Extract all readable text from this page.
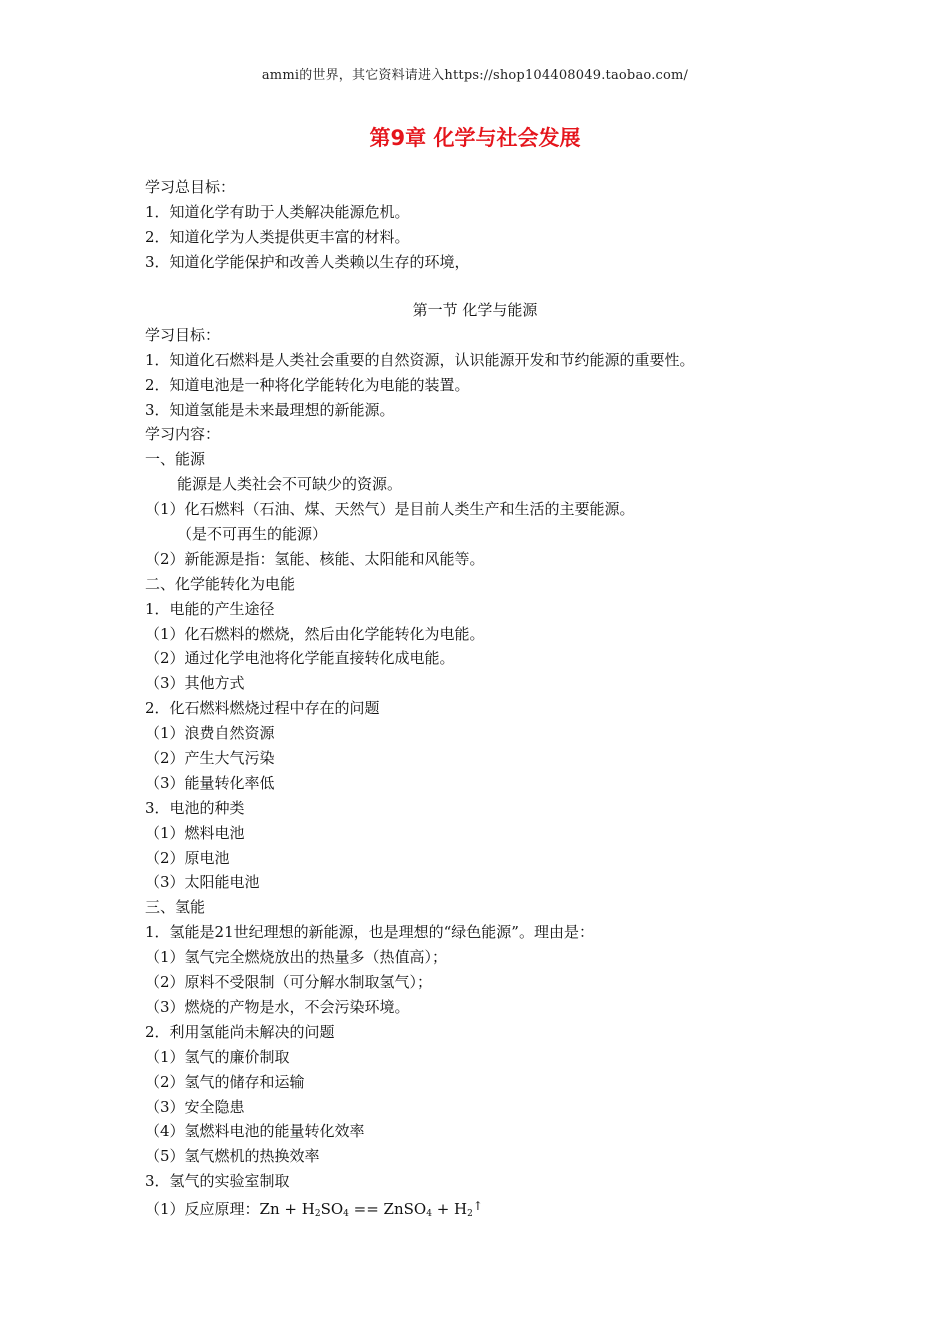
ammi的世界，其它资料请进入https://shop104408049.taobao.com/
第9章 化学与社会发展
学习总目标：
1．知道化学有助于人类解决能源危机。
2．知道化学为人类提供更丰富的材料。
3．知道化学能保护和改善人类赖以生存的环境，
第一节 化学与能源
学习目标：
1．知道化石燃料是人类社会重要的自然资源，认识能源开发和节约能源的重要性。
2．知道电池是一种将化学能转化为电能的装置。
3．知道氢能是未来最理想的新能源。
学习内容：
一、能源
能源是人类社会不可缺少的资源。
（1）化石燃料（石油、煤、天然气）是目前人类生产和生活的主要能源。
（是不可再生的能源）
（2）新能源是指：氢能、核能、太阳能和风能等。
二、化学能转化为电能
1．电能的产生途径
（1）化石燃料的燃烧，然后由化学能转化为电能。
（2）通过化学电池将化学能直接转化成电能。
（3）其他方式
2．化石燃料燃烧过程中存在的问题
（1）浪费自然资源
（2）产生大气污染
（3）能量转化率低
3．电池的种类
（1）燃料电池
（2）原电池
（3）太阳能电池
三、氢能
1．氢能是21世纪理想的新能源，也是理想的“绿色能源”。理由是：
（1）氢气完全燃烧放出的热量多（热值高）；
（2）原料不受限制（可分解水制取氢气）；
（3）燃烧的产物是水，不会污染环境。
2．利用氢能尚未解决的问题
（1）氢气的廉价制取
（2）氢气的储存和运输
（3）安全隐患
（4）氢燃料电池的能量转化效率
（5）氢气燃机的热换效率
3．氢气的实验室制取
（1）反应原理：$Zn + H_2SO_4$ == ZnSO$_4$ + $H_2^↑$
